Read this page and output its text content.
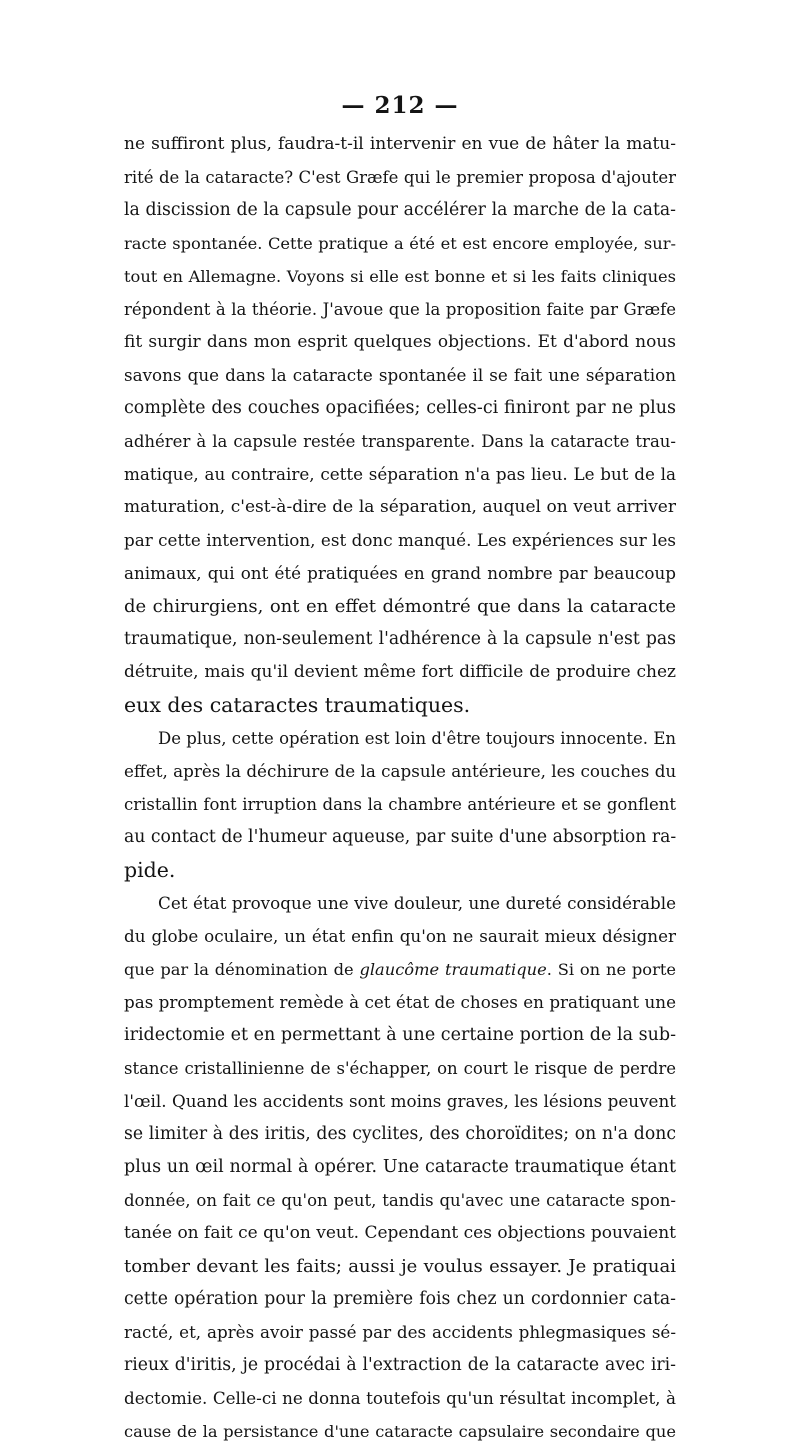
— 212 —
ne suffiront plus, faudra-t-il intervenir en vue de hâter la matu-
rité de la cataracte? C'est Græfe qui le premier proposa d'ajouter
la discission de la capsule pour accélérer la marche de la cata-
racte spontanée. Cette pratique a été et est encore employée, sur-
tout en Allemagne. Voyons si elle est bonne et si les faits cliniques
répondent à la théorie. J'avoue que la proposition faite par Græfe
fit surgir dans mon esprit quelques objections. Et d'abord nous
savons que dans la cataracte spontanée il se fait une séparation
complète des couches opacifiées; celles-ci finiront par ne plus
adhérer à la capsule restée transparente. Dans la cataracte trau-
matique, au contraire, cette séparation n'a pas lieu. Le but de la
maturation, c'est-à-dire de la séparation, auquel on veut arriver
par cette intervention, est donc manqué. Les expériences sur les
animaux, qui ont été pratiquées en grand nombre par beaucoup
de chirurgiens, ont en effet démontré que dans la cataracte
traumatique, non-seulement l'adhérence à la capsule n'est pas
détruite, mais qu'il devient même fort difficile de produire chez
eux des cataractes traumatiques.
De plus, cette opération est loin d'être toujours innocente. En
effet, après la déchirure de la capsule antérieure, les couches du
cristallin font irruption dans la chambre antérieure et se gonflent
au contact de l'humeur aqueuse, par suite d'une absorption ra-
pide.
Cet état provoque une vive douleur, une dureté considérable
du globe oculaire, un état enfin qu'on ne saurait mieux désigner
que par la dénomination de glaucôme traumatique. Si on ne porte
pas promptement remède à cet état de choses en pratiquant une
iridectomie et en permettant à une certaine portion de la sub-
stance cristallinienne de s'échapper, on court le risque de perdre
l'œil. Quand les accidents sont moins graves, les lésions peuvent
se limiter à des iritis, des cyclites, des choroïdites; on n'a donc
plus un œil normal à opérer. Une cataracte traumatique étant
donnée, on fait ce qu'on peut, tandis qu'avec une cataracte spon-
tanée on fait ce qu'on veut. Cependant ces objections pouvaient
tomber devant les faits; aussi je voulus essayer. Je pratiquai
cette opération pour la première fois chez un cordonnier cata-
racté, et, après avoir passé par des accidents phlegmasiques sé-
rieux d'iritis, je procédai à l'extraction de la cataracte avec iri-
dectomie. Celle-ci ne donna toutefois qu'un résultat incomplet, à
cause de la persistance d'une cataracte capsulaire secondaire que
